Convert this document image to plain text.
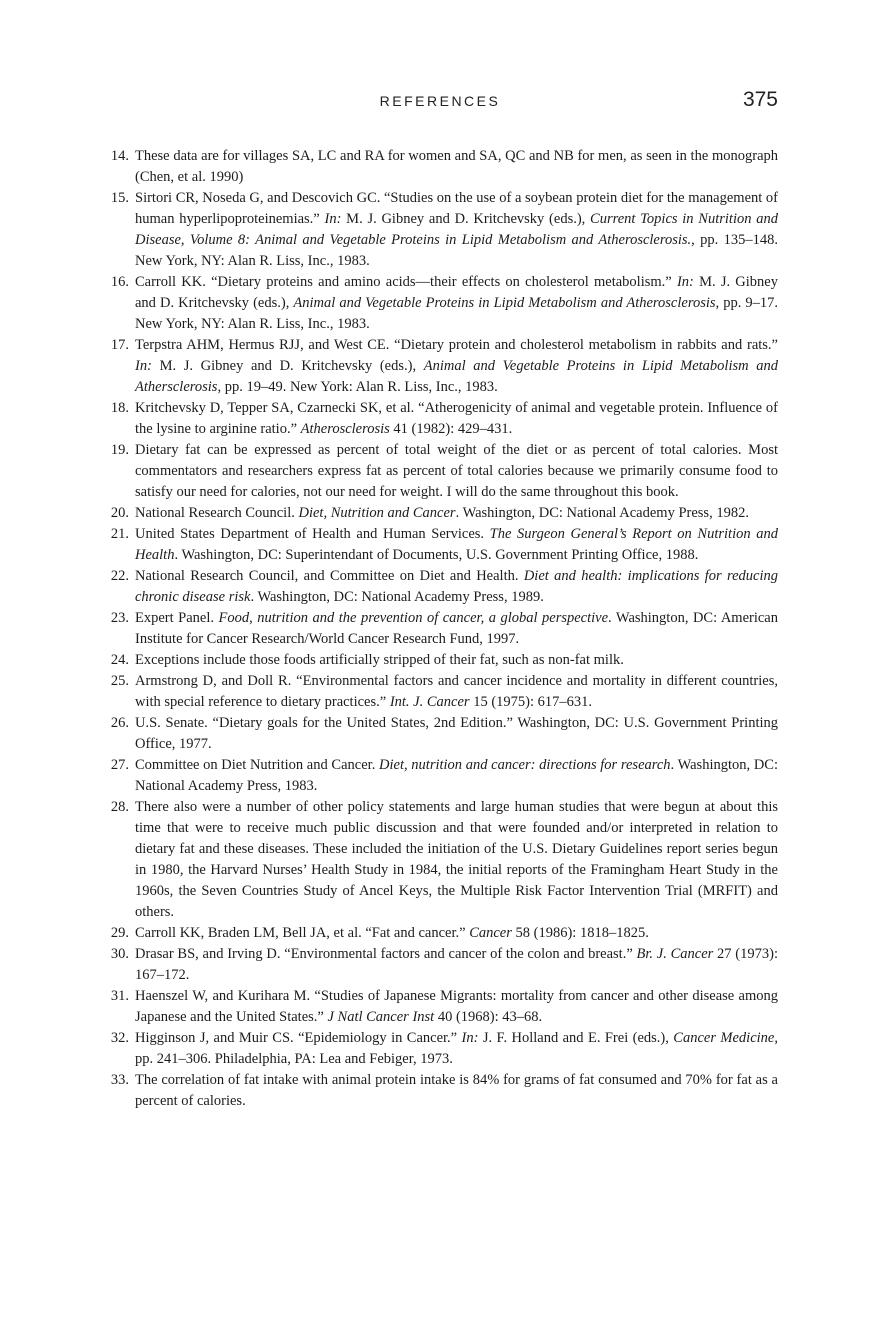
REFERENCES	375
14. These data are for villages SA, LC and RA for women and SA, QC and NB for men, as seen in the monograph (Chen, et al. 1990)
15. Sirtori CR, Noseda G, and Descovich GC. “Studies on the use of a soybean protein diet for the management of human hyperlipoproteinemias.” In: M. J. Gibney and D. Kritchevsky (eds.), Current Topics in Nutrition and Disease, Volume 8: Animal and Vegetable Proteins in Lipid Metabolism and Atherosclerosis., pp. 135–148. New York, NY: Alan R. Liss, Inc., 1983.
16. Carroll KK. “Dietary proteins and amino acids—their effects on cholesterol metabolism.” In: M. J. Gibney and D. Kritchevsky (eds.), Animal and Vegetable Proteins in Lipid Metabolism and Atherosclerosis, pp. 9–17. New York, NY: Alan R. Liss, Inc., 1983.
17. Terpstra AHM, Hermus RJJ, and West CE. “Dietary protein and cholesterol metabolism in rabbits and rats.” In: M. J. Gibney and D. Kritchevsky (eds.), Animal and Vegetable Proteins in Lipid Metabolism and Athersclerosis, pp. 19–49. New York: Alan R. Liss, Inc., 1983.
18. Kritchevsky D, Tepper SA, Czarnecki SK, et al. “Atherogenicity of animal and vegetable protein. Influence of the lysine to arginine ratio.” Atherosclerosis 41 (1982): 429–431.
19. Dietary fat can be expressed as percent of total weight of the diet or as percent of total calories. Most commentators and researchers express fat as percent of total calories because we primarily consume food to satisfy our need for calories, not our need for weight. I will do the same throughout this book.
20. National Research Council. Diet, Nutrition and Cancer. Washington, DC: National Academy Press, 1982.
21. United States Department of Health and Human Services. The Surgeon General’s Report on Nutrition and Health. Washington, DC: Superintendant of Documents, U.S. Government Printing Office, 1988.
22. National Research Council, and Committee on Diet and Health. Diet and health: implications for reducing chronic disease risk. Washington, DC: National Academy Press, 1989.
23. Expert Panel. Food, nutrition and the prevention of cancer, a global perspective. Washington, DC: American Institute for Cancer Research/World Cancer Research Fund, 1997.
24. Exceptions include those foods artificially stripped of their fat, such as non-fat milk.
25. Armstrong D, and Doll R. “Environmental factors and cancer incidence and mortality in different countries, with special reference to dietary practices.” Int. J. Cancer 15 (1975): 617–631.
26. U.S. Senate. “Dietary goals for the United States, 2nd Edition.” Washington, DC: U.S. Government Printing Office, 1977.
27. Committee on Diet Nutrition and Cancer. Diet, nutrition and cancer: directions for research. Washington, DC: National Academy Press, 1983.
28. There also were a number of other policy statements and large human studies that were begun at about this time that were to receive much public discussion and that were founded and/or interpreted in relation to dietary fat and these diseases. These included the initiation of the U.S. Dietary Guidelines report series begun in 1980, the Harvard Nurses’ Health Study in 1984, the initial reports of the Framingham Heart Study in the 1960s, the Seven Countries Study of Ancel Keys, the Multiple Risk Factor Intervention Trial (MRFIT) and others.
29. Carroll KK, Braden LM, Bell JA, et al. “Fat and cancer.” Cancer 58 (1986): 1818–1825.
30. Drasar BS, and Irving D. “Environmental factors and cancer of the colon and breast.” Br. J. Cancer 27 (1973): 167–172.
31. Haenszel W, and Kurihara M. “Studies of Japanese Migrants: mortality from cancer and other disease among Japanese and the United States.” J Natl Cancer Inst 40 (1968): 43–68.
32. Higginson J, and Muir CS. “Epidemiology in Cancer.” In: J. F. Holland and E. Frei (eds.), Cancer Medicine, pp. 241–306. Philadelphia, PA: Lea and Febiger, 1973.
33. The correlation of fat intake with animal protein intake is 84% for grams of fat consumed and 70% for fat as a percent of calories.
